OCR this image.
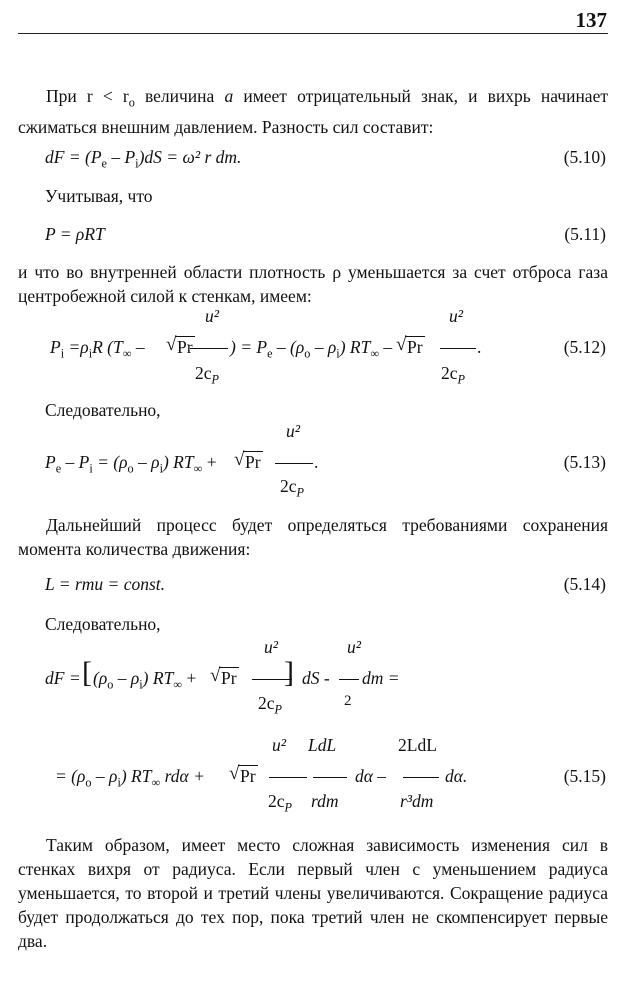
137
При $r < r_o$ величина a имеет отрицательный знак, и вихрь начинает сжиматься внешним давлением. Разность сил составит:
dF = $(P_e - P_i)dS = \omega^2$ r dm.	(5.10)
Учитывая, что
P = ρRT	(5.11)
и что во внутренней области плотность ρ уменьшается за счет отброса газа центробежной силой к стенкам, имеем:
$P_i =\rho_iR$ ($T_\infty$ – √ Pr
u²
$2c_P$
) = $P_e - (\rho_o - \rho_i)$ $RT_\infty$ – √ Pr
u²
.
$2c_P$
(5.12)
Следовательно,
$P_e - P_i = (\rho_o - \rho_i) RT_\infty$ + √ Pr
u²
.
$2c_P$
(5.13)
Дальнейший процесс будет определяться требованиями сохранения момента количества движения:
L = rmu = const.	(5.14)
Следовательно,
dF = [ $(\rho_o - \rho_i) RT_\infty$ + √ Pr
u²
$2c_P$
] dS -
u²
2
dm =
= $(\rho_o - \rho_i)$ $RT_\infty$ rdα + √ Pr
u²
$2c_P$
LdL
rdm
dα –
2LdL
r³dm
dα.	(5.15)
Таким образом, имеет место сложная зависимость изменения сил в стенках вихря от радиуса. Если первый член с уменьшением радиуса уменьшается, то второй и третий члены увеличиваются. Сокращение радиуса будет продолжаться до тех пор, пока третий член не скомпенсирует первые два.
